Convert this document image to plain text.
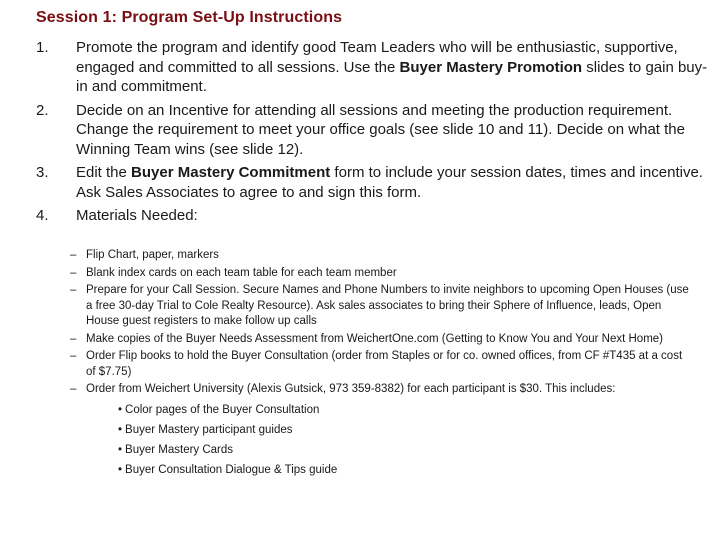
Session 1: Program Set-Up Instructions
1.	Promote the program and identify good Team Leaders who will be enthusiastic, supportive, engaged and committed to all sessions. Use the Buyer Mastery Promotion slides to gain buy-in and commitment.
2.	Decide on an Incentive for attending all sessions and meeting the production requirement. Change the requirement to meet your office goals (see slide 10 and 11). Decide on what the Winning Team wins (see slide 12).
3.	Edit the Buyer Mastery Commitment form to include your session dates, times and incentive. Ask Sales Associates to agree to and sign this form.
4.	Materials Needed:
– Flip Chart, paper, markers
– Blank index cards on each team table for each team member
– Prepare for your Call Session. Secure Names and Phone Numbers to invite neighbors to upcoming Open Houses (use a free 30-day Trial to Cole Realty Resource). Ask sales associates to bring their Sphere of Influence, leads, Open House guest registers to make follow up calls
– Make copies of the Buyer Needs Assessment from WeichertOne.com (Getting to Know You and Your Next Home)
– Order Flip books to hold the Buyer Consultation (order from Staples or for co. owned offices, from CF #T435 at a cost of $7.75)
– Order from Weichert University (Alexis Gutsick, 973 359-8382) for each participant is $30. This includes:
• Color pages of the Buyer Consultation
• Buyer Mastery participant guides
• Buyer Mastery Cards
• Buyer Consultation Dialogue & Tips guide
